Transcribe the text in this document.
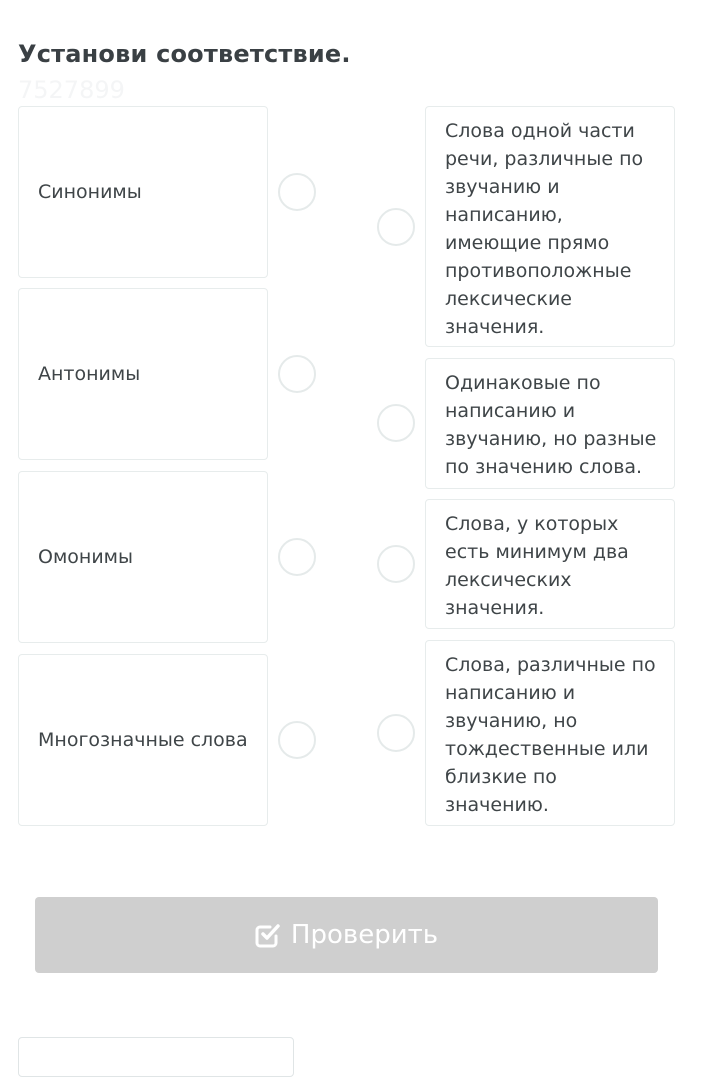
Установи соответствие.
7527899
Синонимы
Антонимы
Омонимы
Многозначные слова
Слова одной части речи, различные по звучанию и написанию, имеющие прямо противоположные лексические значения.
Одинаковые по написанию и звучанию, но разные по значению слова.
Слова, у которых есть минимум два лексических значения.
Слова, различные по написанию и звучанию, но тождественные или близкие по значению.
Проверить
